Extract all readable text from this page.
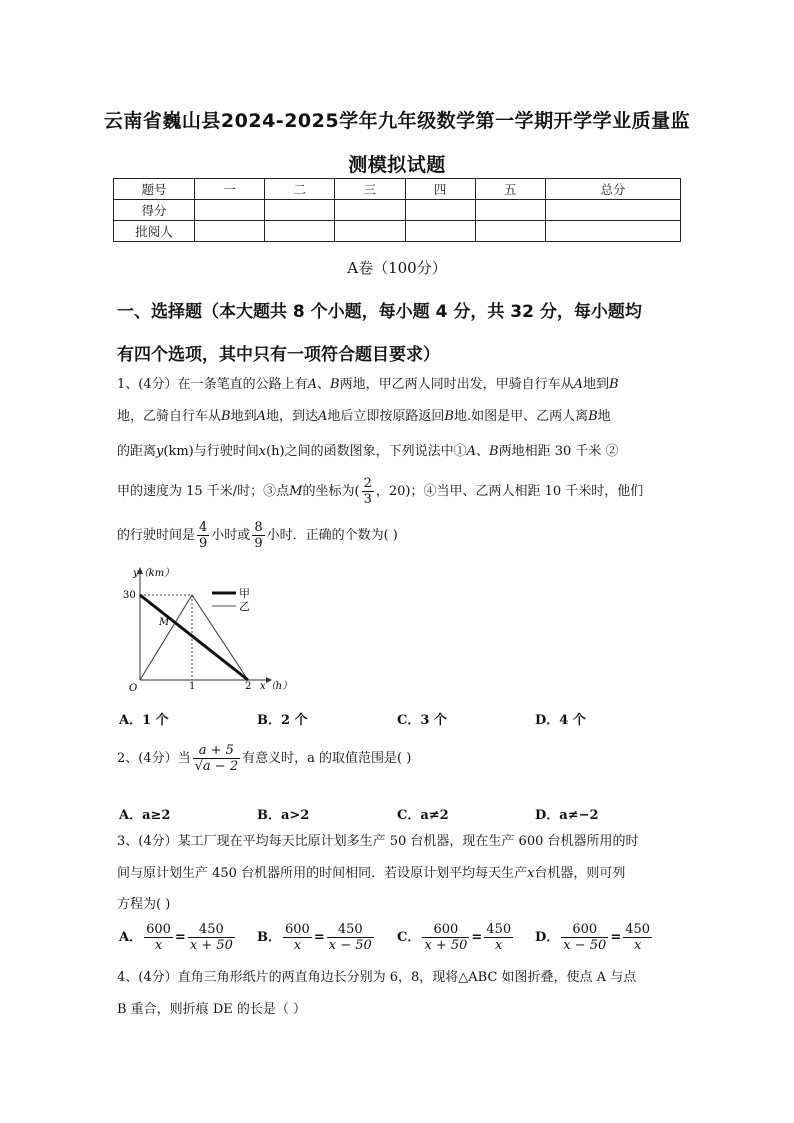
云南省巍山县2024-2025学年九年级数学第一学期开学学业质量监
测模拟试题
题号	一	二	三	四	五	总分
得分						
批阅人						
A卷（100分）
一、选择题（本大题共 8 个小题，每小题 4 分，共 32 分，每小题均
有四个选项，其中只有一项符合题目要求）
1、(4分）在一条笔直的公路上有A、B两地，甲乙两人同时出发，甲骑自行车从A地到B
地，乙骑自行车从B地到A地，到达A地后立即按原路返回B地.如图是甲、乙两人离B地
的距离y(km)与行驶时间x(h)之间的函数图象，下列说法中①A、B两地相距 30 千米 ②
甲的速度为 15 千米/时；③点M的坐标为( $\frac{2}{3}$ ，20)；④当甲、乙两人相距 10 千米时，他们
的行驶时间是 $\frac{4}{9}$ 小时或 $\frac{8}{9}$ 小时．正确的个数为( )
y（km）
x（h）
O
30
1	2
M
甲
乙
A．1 个	B．2 个	C．3 个	D．4 个
2、(4分）当 $\frac{a + 5}{√a - 2}$ 有意义时，a 的取值范围是( )
A．a≥2	B．a>2	C．a≠2	D．a≠−2
3、(4分）某工厂现在平均每天比原计划多生产 50 台机器，现在生产 600 台机器所用的时
间与原计划生产 450 台机器所用的时间相同．若设原计划平均每天生产x台机器，则可列
方程为( )
A． $\frac{600}{x} = \frac{450}{x + 50}$ B． $\frac{600}{x} = \frac{450}{x - 50}$ C． $\frac{600}{x + 50} = \frac{450}{x}$ D． $\frac{600}{x - 50} = \frac{450}{x}$
4、(4分）直角三角形纸片的两直角边长分别为 6，8，现将△ABC 如图折叠，使点 A 与点
B 重合，则折痕 DE 的长是（ ）
